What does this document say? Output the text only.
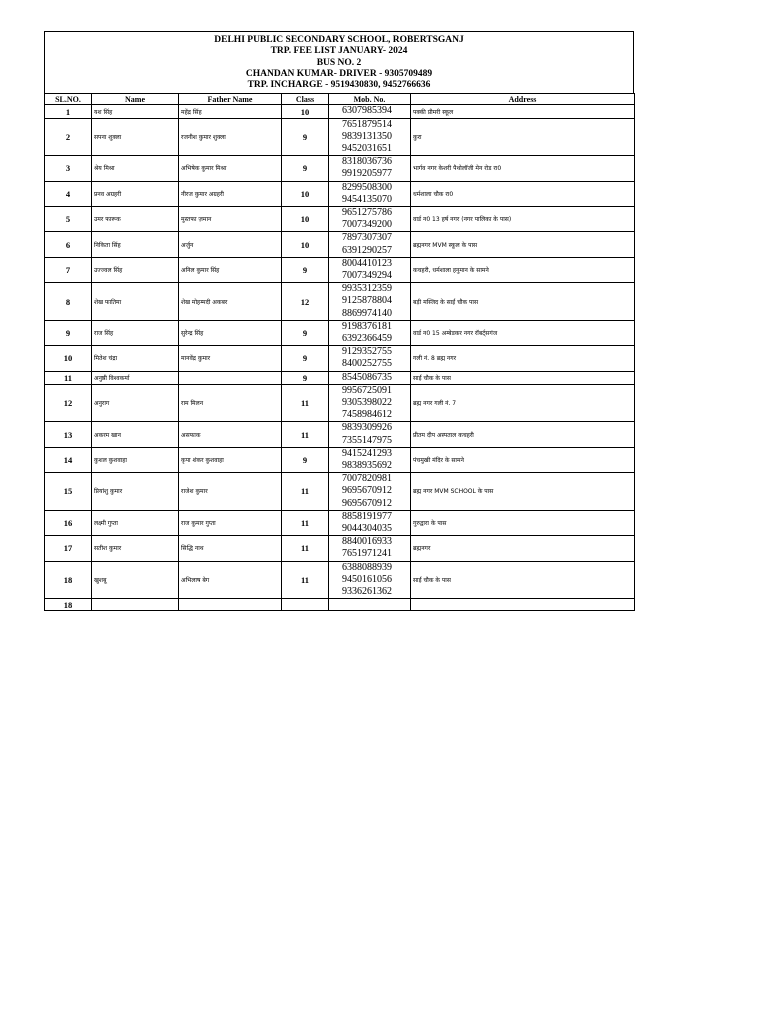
DELHI PUBLIC SECONDARY SCHOOL, ROBERTSGANJ
TRP. FEE LIST JANUARY- 2024
BUS NO. 2
CHANDAN KUMAR- DRIVER - 9305709489
TRP. INCHARGE - 9519430830, 9452766636
SL.NO.	Name	Father Name	Class	Mob. No.	Address
1	यश सिंह	महेंद्र सिंह	10	6307985394	पक्की प्रीमरी स्कूल
2	सपना शुक्ला	रजनीश कुमार शुक्ला	9	7651879514
9839131350
9452031651	कुरा
3	श्रेय मिश्रा	अभिषेक कुमार मिश्रा	9	8318036736
9919205977	भार्गव नगर केशरी पैथोलॉजी मेन रोड रा0
4	प्रनव अग्रहरी	नीरज कुमार अग्रहरी	10	8299508300
9454135070	धर्मशाला चौक रा0
5	उमर फारूक	मुस्तफा ज़मान	10	9651275786
7007349200	वार्ड न0 13 हर्ष नगर (नगर पालिका के पास)
6	निकिता सिंह	अर्जुन	10	7897307307
6391290257	ब्रह्मनगर MVM स्कूल के पास
7	उज्ज्वल सिंह	अनिल कुमार सिंह	9	8004410123
7007349294	कचहरी, धर्मशाला हनुमान के सामने
8	शेख फातिमा	शेख मोहम्मदी अकबर	12	9935312359
9125878804
8869974140	बड़ी मस्जिद के साईं चौक पास
9	राज सिंह	सुरेन्द्र सिंह	9	9198376181
6392366459	वार्ड न0 15 अम्बेडकर नगर रॉबर्ट्सगंज
10	मितेश चंद्रा	मानवेंद्र कुमार	9	9129352755
8400252755	गली नं. 8 ब्रह्म नगर
11	अनुष्री विश्वकर्मा		9	8545086735	साईं चौक के पास
12	अनुराग	राम मिलन	11	9956725091
9305398022
7458984612	ब्रह्म नगर गली नं. 7
13	अकरम खान	असफाक	11	9839309926
7355147975	प्रीतम दीप अस्पताल कचहरी
14	कुशल कुशवाहा	कृपा शंकर कुशवाहा	9	9415241293
9838935692	पंचमुखी मंदिर के सामने
15	प्रियांशु कुमार	राजेश कुमार	11	7007820981
9695670912
9695670912	ब्रह्म नगर MVM SCHOOL के पास
16	लक्ष्मी गुप्ता	राज कुमार गुप्ता	11	8858191977
9044304035	गुरुद्वारा के पास
17	सतीश कुमार	सिद्धि नाथ	11	8840016933
7651971241	ब्रह्मनगर
18	खुशबू	अभिलाष बेग	11	6388088939
9450161056
9336261362	साईं चौक के पास
18					
